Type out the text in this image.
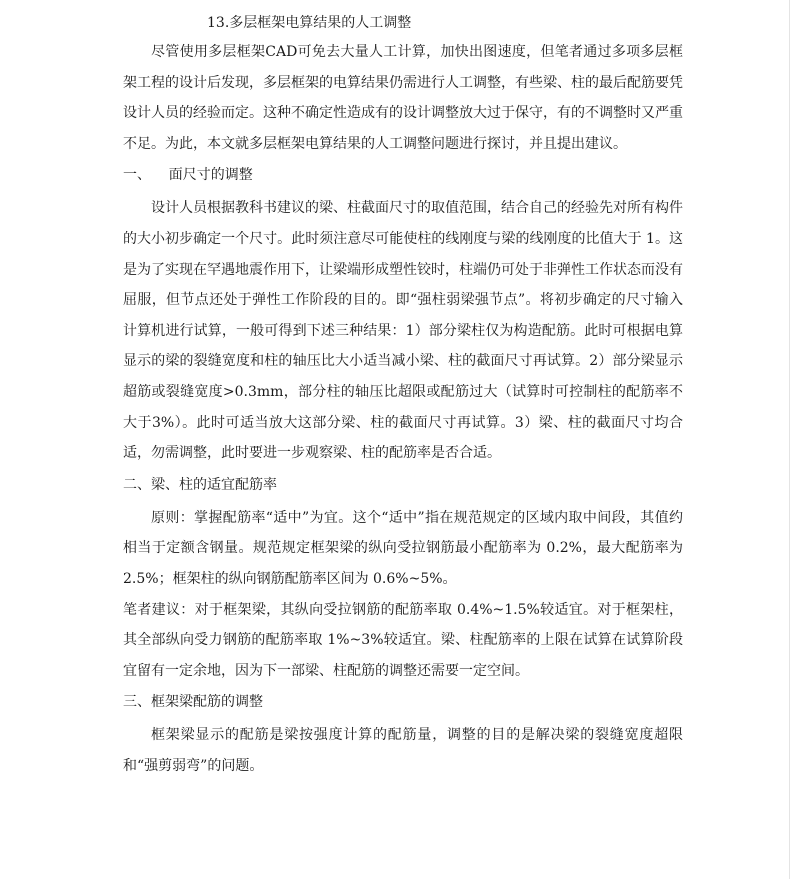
13.多层框架电算结果的人工调整

尽管使用多层框架CAD可免去大量人工计算，加快出图速度，但笔者通过多项多层框架工程的设计后发现，多层框架的电算结果仍需进行人工调整，有些梁、柱的最后配筋要凭设计人员的经验而定。这种不确定性造成有的设计调整放大过于保守，有的不调整时又严重不足。为此，本文就多层框架电算结果的人工调整问题进行探讨，并且提出建议。

一、    面尺寸的调整

设计人员根据教科书建议的梁、柱截面尺寸的取值范围，结合自己的经验先对所有构件的大小初步确定一个尺寸。此时须注意尽可能使柱的线刚度与梁的线刚度的比值大于 1。这是为了实现在罕遇地震作用下，让梁端形成塑性铰时，柱端仍可处于非弹性工作状态而没有屈服，但节点还处于弹性工作阶段的目的。即“强柱弱梁强节点”。将初步确定的尺寸输入计算机进行试算，一般可得到下述三种结果：1）部分梁柱仅为构造配筋。此时可根据电算显示的梁的裂缝宽度和柱的轴压比大小适当减小梁、柱的截面尺寸再试算。2）部分梁显示超筋或裂缝宽度>0.3mm，部分柱的轴压比超限或配筋过大（试算时可控制柱的配筋率不大于3%）。此时可适当放大这部分梁、柱的截面尺寸再试算。3）梁、柱的截面尺寸均合适，勿需调整，此时要进一步观察梁、柱的配筋率是否合适。

二、梁、柱的适宜配筋率

原则：掌握配筋率“适中”为宜。这个“适中”指在规范规定的区域内取中间段，其值约相当于定额含钢量。规范规定框架梁的纵向受拉钢筋最小配筋率为 0.2%，最大配筋率为2.5%；框架柱的纵向钢筋配筋率区间为 0.6%~5%。

笔者建议：对于框架梁，其纵向受拉钢筋的配筋率取 0.4%~1.5%较适宜。对于框架柱，其全部纵向受力钢筋的配筋率取 1%~3%较适宜。梁、柱配筋率的上限在试算在试算阶段宜留有一定余地，因为下一部梁、柱配筋的调整还需要一定空间。

三、框架梁配筋的调整

框架梁显示的配筋是梁按强度计算的配筋量，调整的目的是解决梁的裂缝宽度超限和“强剪弱弯”的问题。
